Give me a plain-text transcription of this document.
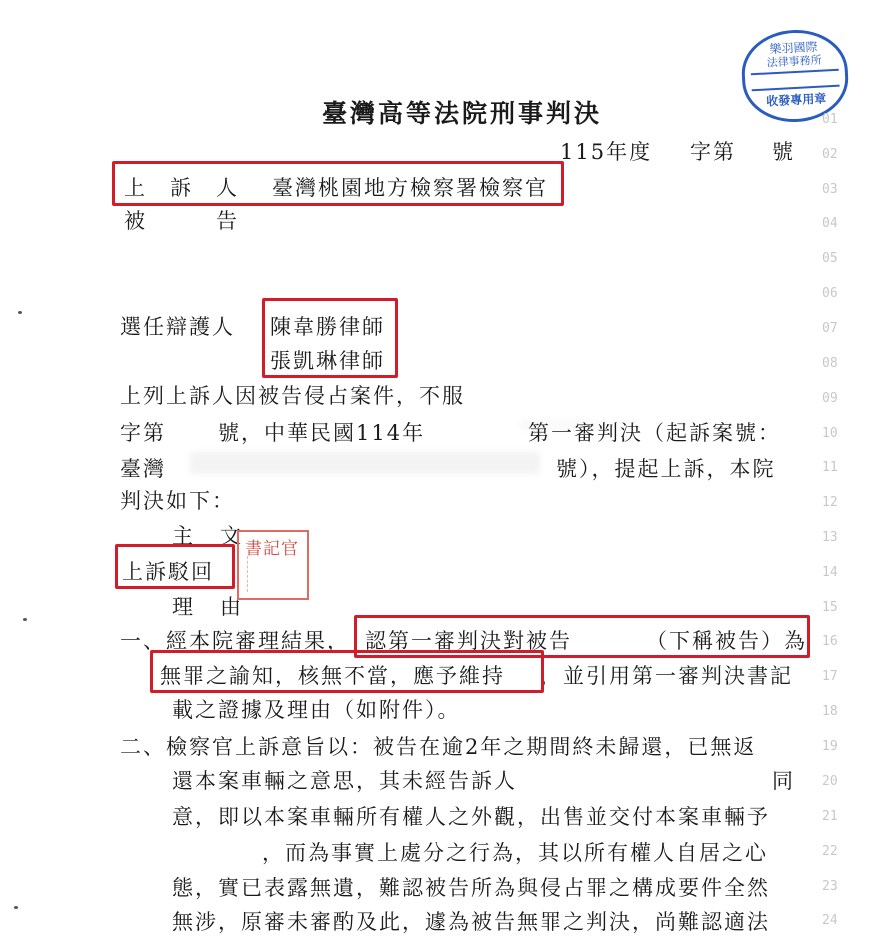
樂羽國際
法律事務所
收發專用章
臺灣高等法院刑事判決
115年度 字第 號
上　訴　人 臺灣桃園地方檢察署檢察官
被　　　告
選任辯護人 陳韋勝律師
張凱琳律師
上列上訴人因被告侵占案件，不服
字第 號，中華民國114年	第一審判決（起訴案號：
臺灣	號），提起上訴，本院
判決如下：
主 文
上訴駁回
理 由
書記官
一、經本院審理結果， 認第一審判決對被告	（下稱被告）為
無罪之諭知，核無不當，應予維持 ，並引用第一審判決書記
載之證據及理由（如附件）。
二、檢察官上訴意旨以：被告在逾2年之期間終未歸還，已無返
還本案車輛之意思，其未經告訴人	同
意，即以本案車輛所有權人之外觀，出售並交付本案車輛予
，而為事實上處分之行為，其以所有權人自居之心
態，實已表露無遺，難認被告所為與侵占罪之構成要件全然
無涉，原審未審酌及此，遽為被告無罪之判決，尚難認適法
01
02
03
04
05
06
07
08
09
10
11
12
13
14
15
16
17
18
19
20
21
22
23
24
